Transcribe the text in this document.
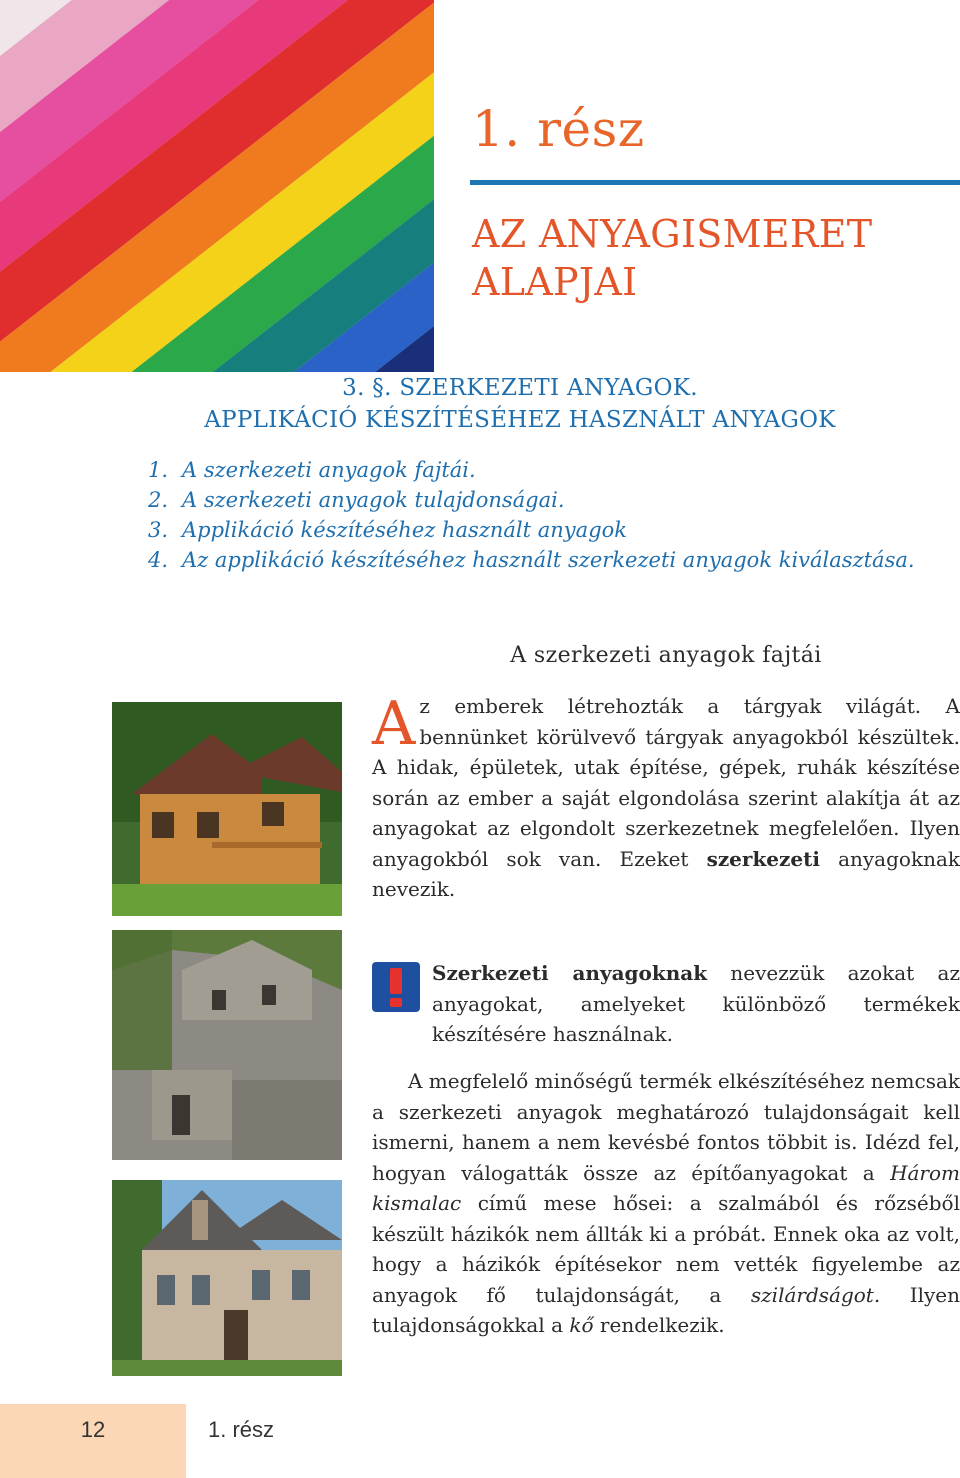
1. rész
AZ ANYAGISMERET
ALAPJAI
3. §. SZERKEZETI ANYAGOK.
APPLIKÁCIÓ KÉSZÍTÉSÉHEZ HASZNÁLT ANYAGOK
1. A szerkezeti anyagok fajtái.
2. A szerkezeti anyagok tulajdonságai.
3. Applikáció készítéséhez használt anyagok
4. Az applikáció készítéséhez használt szerkezeti anyagok kiválasztása.
A szerkezeti anyagok fajtái
Az emberek létrehozták a tárgyak világát. A bennünket körülvevő tárgyak anyagokból készültek. A hidak, épületek, utak építése, gépek, ruhák készítése során az ember a saját elgondolása szerint alakítja át az anyagokat az elgondolt szerkezetnek megfelelően. Ilyen anyagokból sok van. Ezeket szerkezeti anyagoknak nevezik.
Szerkezeti anyagoknak nevezzük azokat az anyagokat, amelyeket különböző termékek készítésére használnak.
A megfelelő minőségű termék elkészítéséhez nemcsak a szerkezeti anyagok meghatározó tulajdonságait kell ismerni, hanem a nem kevésbé fontos többit is. Idézd fel, hogyan válogatták össze az építőanyagokat a Három kismalac című mese hősei: a szalmából és rőzséből készült házikók nem állták ki a próbát. Ennek oka az volt, hogy a házikók építésekor nem vették figyelembe az anyagok fő tulajdonságát, a szilárdságot. Ilyen tulajdonságokkal a kő rendelkezik.
12	1. rész
